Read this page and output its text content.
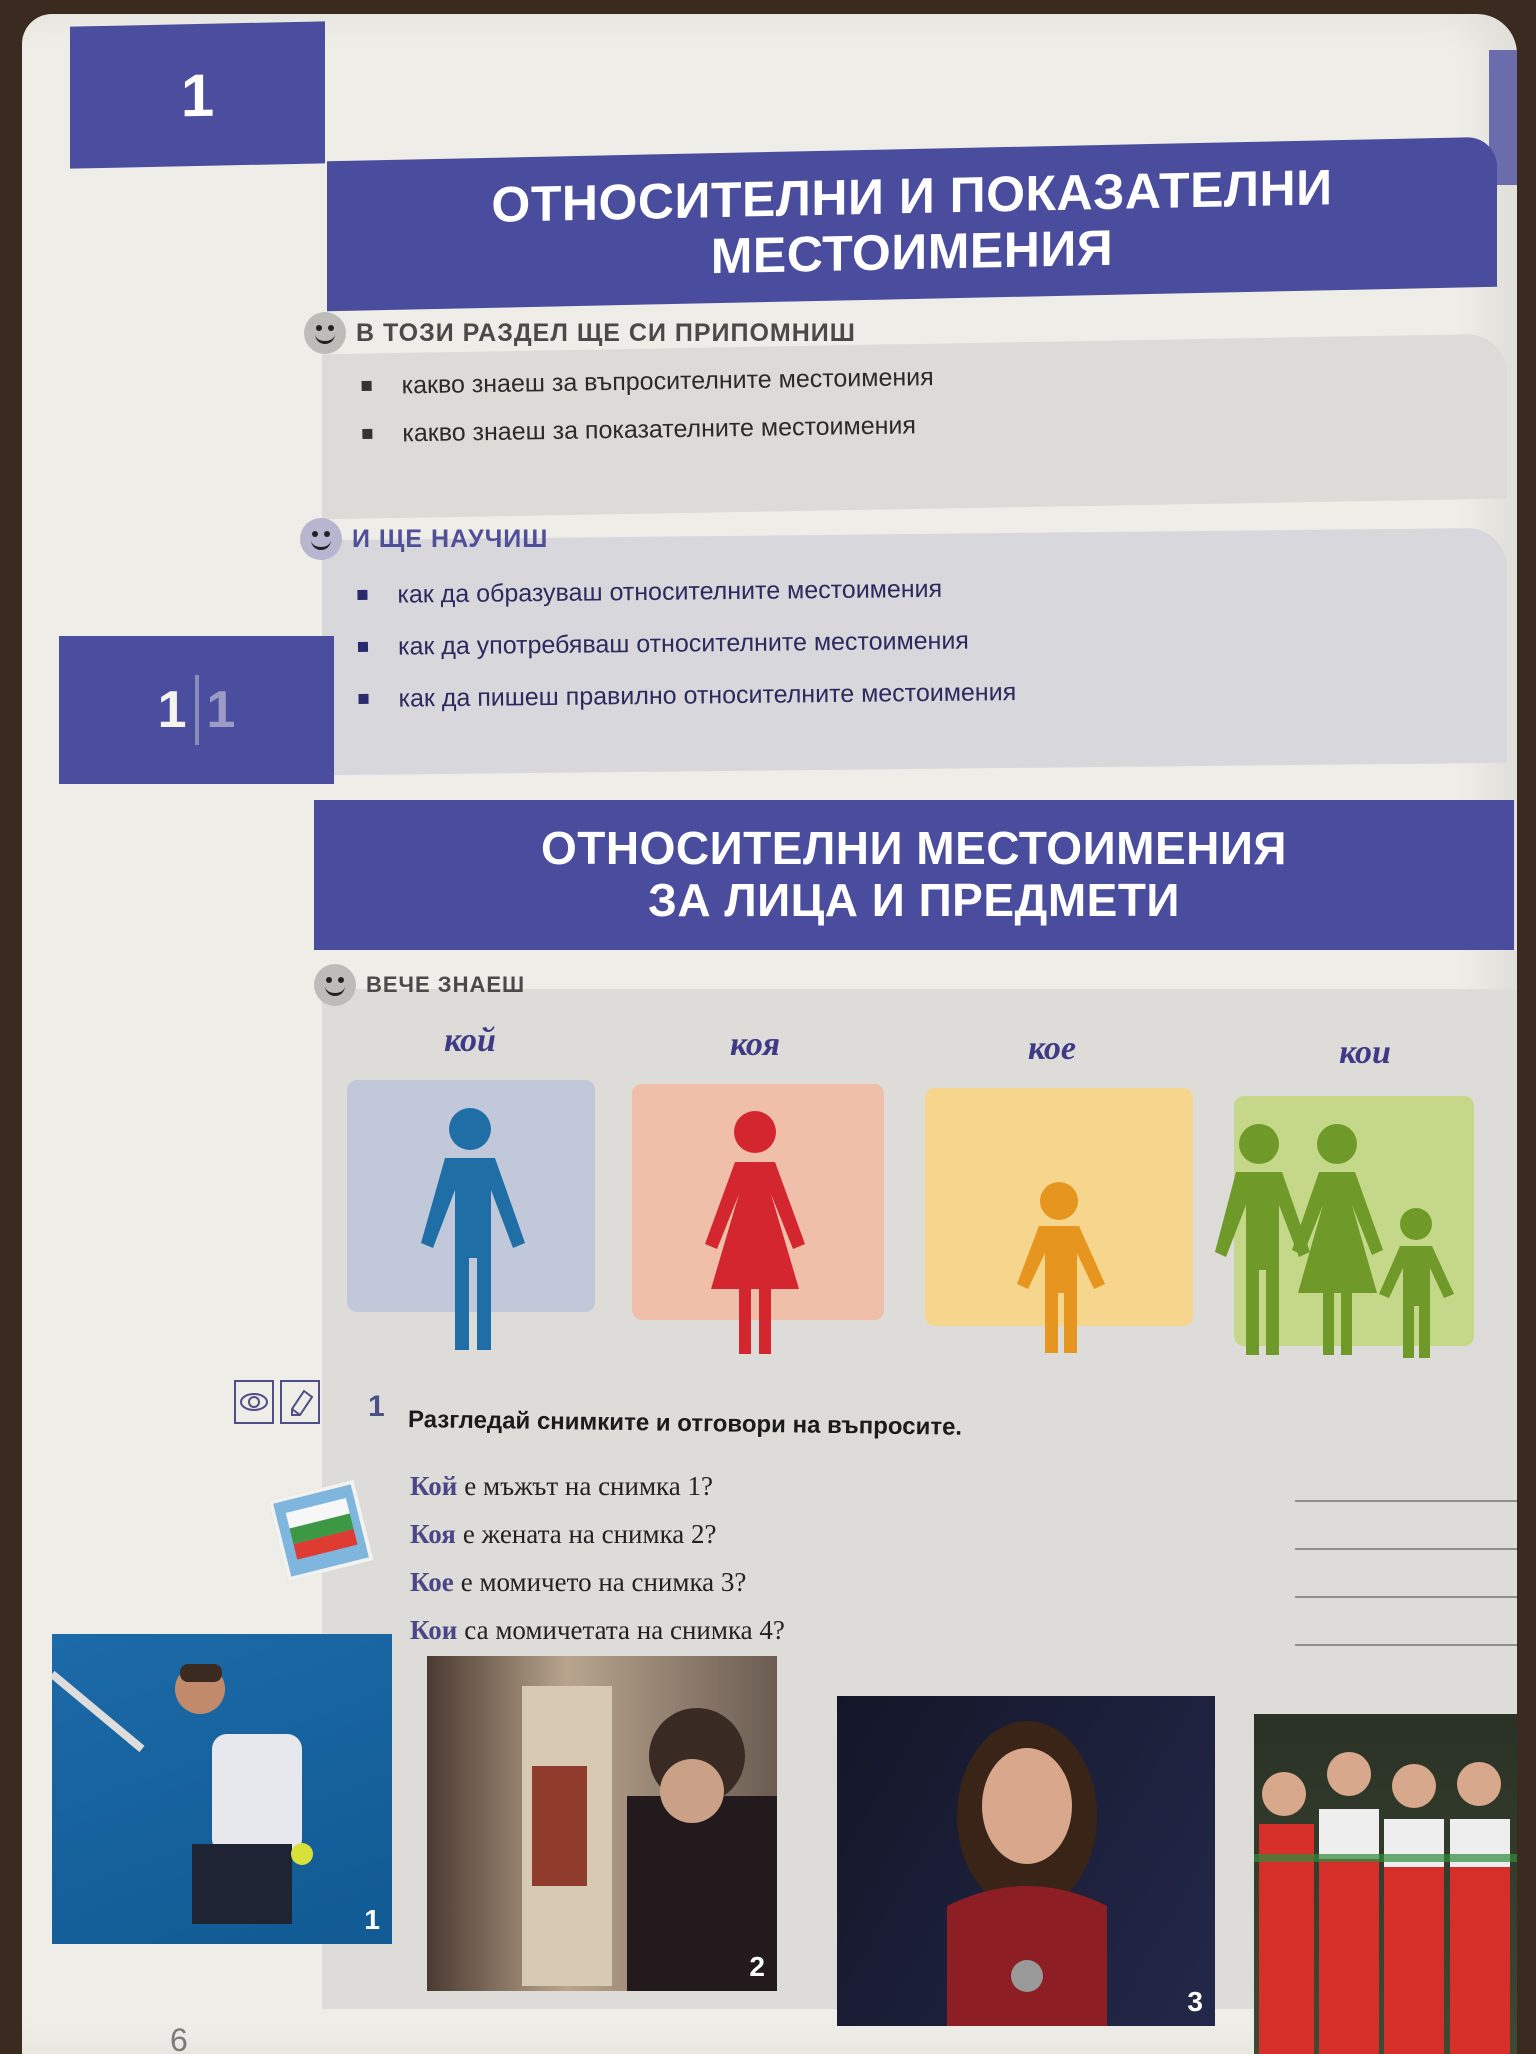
1
ОТНОСИТЕЛНИ И ПОКАЗАТЕЛНИ
МЕСТОИМЕНИЯ
В ТОЗИ РАЗДЕЛ ЩЕ СИ ПРИПОМНИШ
какво знаеш за въпросителните местоимения
какво знаеш за показателните местоимения
И ЩЕ НАУЧИШ
как да образуваш относителните местоимения
как да употребяваш относителните местоимения
как да пишеш правилно относителните местоимения
1 1
ОТНОСИТЕЛНИ МЕСТОИМЕНИЯ
ЗА ЛИЦА И ПРЕДМЕТИ
ВЕЧЕ ЗНАЕШ
кой	коя	кое	кои
1 Разгледай снимките и отговори на въпросите.
Кой е мъжът на снимка 1?
Коя е жената на снимка 2?
Кое е момичето на снимка 3?
Кои са момичетата на снимка 4?
1
2
3
6
